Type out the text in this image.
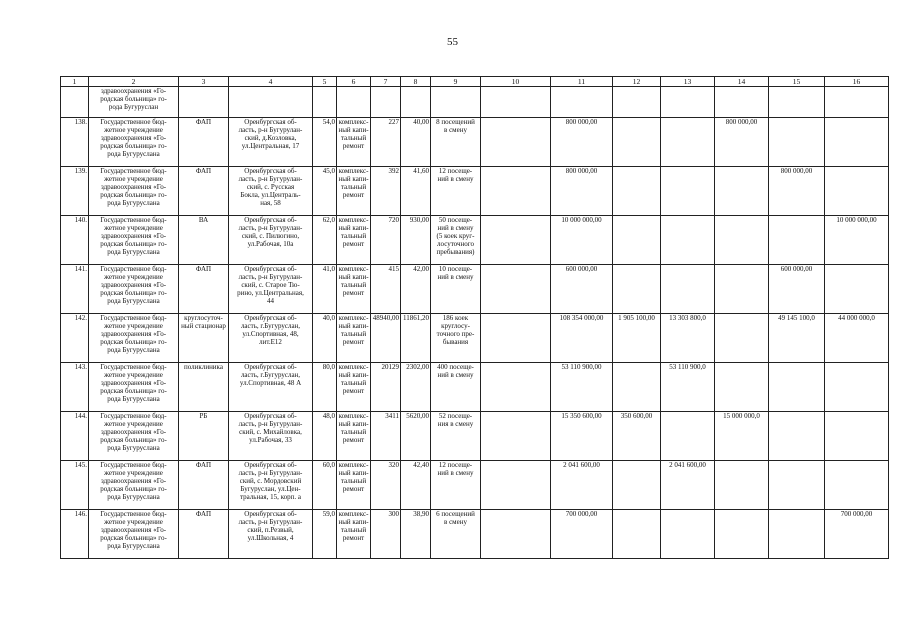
55
1	2	3	4	5	6	7	8	9	10	11	12	13	14	15	16
	здравоохранения «Го-
родская больница» го-
рода Бугуруслан														
138.	Государственное бюд-
жетное учреждение
здравоохранения «Го-
родская больница» го-
рода Бугуруслана	ФАП	Оренбургская об-
ласть, р-н Бугурулан-
ский, д.Козловка,
ул.Центральная, 17	54,0	комплекс-
ный капи-
тальный
ремонт	227	40,00	8 посещений
в смену		800 000,00			800 000,00		
139.	Государственное бюд-
жетное учреждение
здравоохранения «Го-
родская больница» го-
рода Бугуруслана	ФАП	Оренбургская об-
ласть, р-н Бугурулан-
ский, с. Русская
Бокла, ул.Централь-
ная, 58	45,0	комплекс-
ный капи-
тальный
ремонт	392	41,60	12 посеще-
ний в смену		800 000,00				800 000,00	
140.	Государственное бюд-
жетное учреждение
здравоохранения «Го-
родская больница» го-
рода Бугуруслана	ВА	Оренбургская об-
ласть, р-н Бугурулан-
ский, с. Пилюгино,
ул.Рабочая, 10а	62,0	комплекс-
ный капи-
тальный
ремонт	720	930,00	50 посеще-
ний в смену
(5 коек круг-
лосуточного
пребывания)		10 000 000,00					10 000 000,00
141.	Государственное бюд-
жетное учреждение
здравоохранения «Го-
родская больница» го-
рода Бугуруслана	ФАП	Оренбургская об-
ласть, р-н Бугурулан-
ский, с. Старое Тю-
рино, ул.Центральная,
44	41,0	комплекс-
ный капи-
тальный
ремонт	415	42,00	10 посеще-
ний в смену		600 000,00				600 000,00	
142.	Государственное бюд-
жетное учреждение
здравоохранения «Го-
родская больница» го-
рода Бугуруслана	круглосуточ-
ный стационар	Оренбургская об-
ласть, г.Бугуруслан,
ул.Спортивная, 48,
лит.Е12	40,0	комплекс-
ный капи-
тальный
ремонт	48940,00	11861,20	186 коек
круглосу-
точного пре-
бывания		108 354 000,00	1 905 100,00	13 303 800,0		49 145 100,0	44 000 000,0
143.	Государственное бюд-
жетное учреждение
здравоохранения «Го-
родская больница» го-
рода Бугуруслана	поликлиника	Оренбургская об-
ласть, г.Бугуруслан,
ул.Спортивная, 48 А	80,0	комплекс-
ный капи-
тальный
ремонт	20129	2302,00	400 посеще-
ний в смену		53 110 900,00		53 110 900,0			
144.	Государственное бюд-
жетное учреждение
здравоохранения «Го-
родская больница» го-
рода Бугуруслана	РБ	Оренбургская об-
ласть, р-н Бугурулан-
ский, с. Михайловка,
ул.Рабочая, 33	48,0	комплекс-
ный капи-
тальный
ремонт	3411	5620,00	52 посеще-
ния в смену		15 350 600,00	350 600,00		15 000 000,0		
145.	Государственное бюд-
жетное учреждение
здравоохранения «Го-
родская больница» го-
рода Бугуруслана	ФАП	Оренбургская об-
ласть, р-н Бугурулан-
ский, с. Мордовский
Бугуруслан, ул.Цен-
тральная, 15, корп. а	60,0	комплекс-
ный капи-
тальный
ремонт	320	42,40	12 посеще-
ний в смену		2 041 600,00		2 041 600,00			
146.	Государственное бюд-
жетное учреждение
здравоохранения «Го-
родская больница» го-
рода Бугуруслана	ФАП	Оренбургская об-
ласть, р-н Бугурулан-
ский, п.Резвый,
ул.Школьная, 4	59,0	комплекс-
ный капи-
тальный
ремонт	300	38,90	6 посещений
в смену		700 000,00					700 000,00
